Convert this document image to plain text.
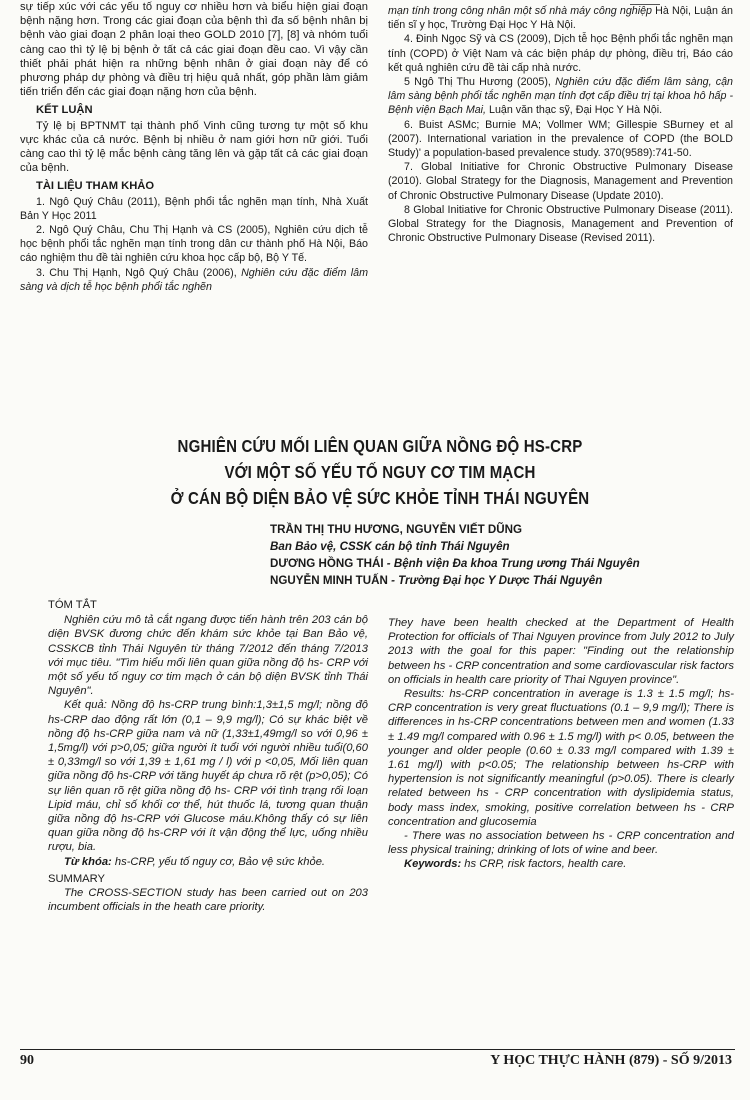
sự tiếp xúc với các yếu tố nguy cơ nhiều hơn và biểu hiện giai đoạn bệnh nặng hơn. Trong các giai đoạn của bệnh thì đa số bệnh nhân bị bệnh vào giai đoạn 2 phân loại theo GOLD 2010 [7], [8] và nhóm tuổi càng cao thì tỷ lệ bị bệnh ở tất cả các giai đoạn đều cao. Vì vậy cần thiết phải phát hiện ra những bệnh nhân ở giai đoạn này để có phương pháp dự phòng và điều trị hiệu quả nhất, góp phần làm giảm tiến triển đến các giai đoạn nặng hơn của bệnh.

KẾT LUẬN

Tỷ lệ bị BPTNMT tại thành phố Vinh cũng tương tự một số khu vực khác của cả nước. Bệnh bị nhiều ở nam giới hơn nữ giới. Tuổi càng cao thì tỷ lệ mắc bệnh càng tăng lên và gặp tất cả các giai đoạn của bệnh.

TÀI LIỆU THAM KHẢO

1. Ngô Quý Châu (2011), Bệnh phổi tắc nghẽn mạn tính, Nhà Xuất Bản Y Học 2011

2. Ngô Quý Châu, Chu Thị Hạnh và CS (2005), Nghiên cứu dịch tễ học bệnh phổi tắc nghẽn mạn tính trong dân cư thành phố Hà Nội, Báo cáo nghiệm thu đề tài nghiên cứu khoa học cấp bộ, Bộ Y Tế.

3. Chu Thị Hạnh, Ngô Quý Châu (2006), Nghiên cứu đặc điểm lâm sàng và dịch tễ học bệnh phổi tắc nghẽn

mạn tính trong công nhân một số nhà máy công nghiệp Hà Nội, Luận án tiến sĩ y học, Trường Đại Học Y Hà Nội.

4. Đinh Ngọc Sỹ và CS (2009), Dịch tễ học Bệnh phổi tắc nghẽn mạn tính (COPD) ở Việt Nam và các biện pháp dự phòng, điều trị, Báo cáo kết quả nghiên cứu đề tài cấp nhà nước.

5 Ngô Thị Thu Hương (2005), Nghiên cứu đặc điểm lâm sàng, cận lâm sàng bệnh phổi tắc nghẽn mạn tính đợt cấp điều trị tại khoa hô hấp - Bệnh viện Bạch Mai, Luận văn thạc sỹ, Đại Học Y Hà Nội.

6. Buist ASMc; Burnie MA; Vollmer WM; Gillespie SBurney et al (2007). International variation in the prevalence of COPD (the BOLD Study)' a population-based prevalence study. 370(9589):741-50.

7. Global Initiative for Chronic Obstructive Pulmonary Disease (2010). Global Strategy for the Diagnosis, Management and Prevention of Chronic Obstructive Pulmonary Disease (Update 2010).

8 Global Initiative for Chronic Obstructive Pulmonary Disease (2011). Global Strategy for the Diagnosis, Management and Prevention of Chronic Obstructive Pulmonary Disease (Revised 2011).

NGHIÊN CỨU MỐI LIÊN QUAN GIỮA NỒNG ĐỘ HS-CRP
VỚI MỘT SỐ YẾU TỐ NGUY CƠ TIM MẠCH
Ở CÁN BỘ DIỆN BẢO VỆ SỨC KHỎE TỈNH THÁI NGUYÊN
TRẦN THỊ THU HƯƠNG, NGUYỄN VIẾT DŨNG
Ban Bảo vệ, CSSK cán bộ tỉnh Thái Nguyên
DƯƠNG HỒNG THÁI - Bệnh viện Đa khoa Trung ương Thái Nguyên
NGUYỄN MINH TUẤN - Trường Đại học Y Dược Thái Nguyên

TÓM TẮT

Nghiên cứu mô tả cắt ngang được tiến hành trên 203 cán bộ diện BVSK đương chức đến khám sức khỏe tại Ban Bảo vệ, CSSKCB tỉnh Thái Nguyên từ tháng 7/2012 đến tháng 7/2013 với mục tiêu. "Tìm hiểu mối liên quan giữa nồng độ hs- CRP với một số yếu tố nguy cơ tim mạch ở cán bộ diện BVSK tỉnh Thái Nguyên".

Kết quả: Nồng độ hs-CRP trung bình:1,3±1,5 mg/l; nồng độ hs-CRP dao động rất lớn (0,1 – 9,9 mg/l); Có sự khác biệt về nồng độ hs-CRP giữa nam và nữ (1,33±1,49mg/l so với 0,96 ± 1,5mg/l) với p>0,05; giữa người ít tuổi với người nhiều tuổi(0,60 ± 0,33mg/l so với 1,39 ± 1,61 mg / l) với p <0,05, Mối liên quan giữa nồng độ hs-CRP với tăng huyết áp chưa rõ rệt (p>0,05); Có sự liên quan rõ rệt giữa nồng độ hs- CRP với tình trạng rối loạn Lipid máu, chỉ số khối cơ thể, hút thuốc lá, tương quan thuận giữa nồng độ hs-CRP với Glucose máu.Không thấy có sự liên quan giữa nồng độ hs-CRP với ít vận động thể lực, uống nhiều rượu, bia.

Từ khóa: hs-CRP, yếu tố nguy cơ, Bảo vệ sức khỏe.

SUMMARY

The CROSS-SECTION study has been carried out on 203 incumbent officials in the heath care priority.

They have been health checked at the Department of Health Protection for officials of Thai Nguyen province from July 2012 to July 2013 with the goal for this paper: "Finding out the relationship between hs - CRP concentration and some cardiovascular risk factors on officials in health care priority of Thai Nguyen province".

Results: hs-CRP concentration in average is 1.3 ± 1.5 mg/l; hs-CRP concentration is very great fluctuations (0.1 – 9,9 mg/l); There is differences in hs-CRP concentrations between men and women (1.33 ± 1.49 mg/l compared with 0.96 ± 1.5 mg/l) with p< 0.05, between the younger and older people (0.60 ± 0.33 mg/l compared with 1.39 ± 1.61 mg/l) with p<0.05; The relationship between hs-CRP with hypertension is not significantly meaningful (p>0.05). There is clearly related between hs - CRP concentration with dyslipidemia status, body mass index, smoking, positive correlation between hs - CRP concentration and glucosemia

- There was no association between hs - CRP concentration and less physical training; drinking of lots of wine and beer.

Keywords: hs CRP, risk factors, health care.

90	Y HỌC THỰC HÀNH (879) - SỐ 9/2013
